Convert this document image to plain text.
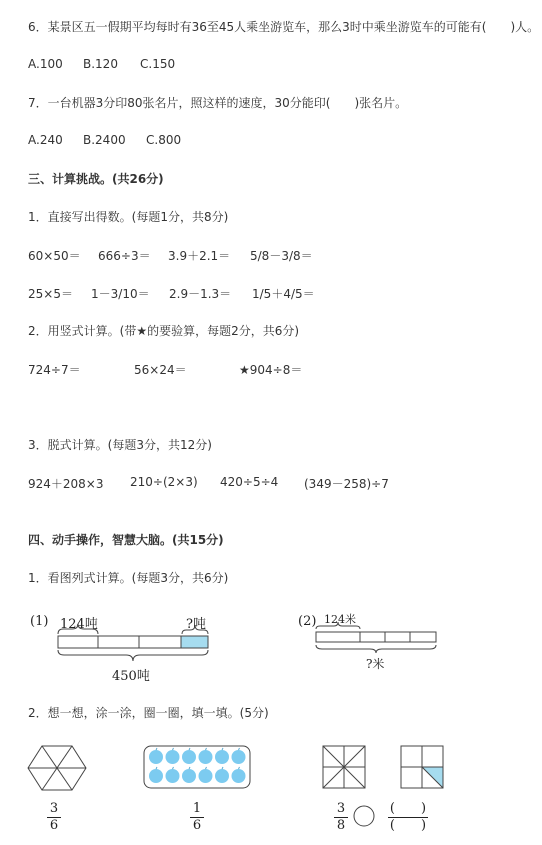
6．某景区五一假期平均每时有36至45人乘坐游览车，那么3时中乘坐游览车的可能有(　　)人。
A.100 B.120 C.150
7．一台机器3分印80张名片，照这样的速度，30分能印(　　)张名片。
A.240 B.2400 C.800
三、计算挑战。(共26分)
1．直接写出得数。(每题1分，共8分)
60×50＝ 666÷3＝ 3.9＋2.1＝ 5/8－3/8＝
25×5＝ 1－3/10＝ 2.9－1.3＝ 1/5＋4/5＝
2．用竖式计算。(带★的要验算，每题2分，共6分)
724÷7＝	56×24＝	★904÷8＝
3．脱式计算。(每题3分，共12分)
924＋208×3 210÷(2×3) 420÷5÷4 (349－258)÷7
四、动手操作，智慧大脑。(共15分)
1．看图列式计算。(每题3分，共6分)
(1) 124吨	?吨
450吨
(2) 124米
?米
2．想一想，涂一涂，圈一圈，填一填。(5分)
3
6
1
6
3
8
(　　)
(　　)
